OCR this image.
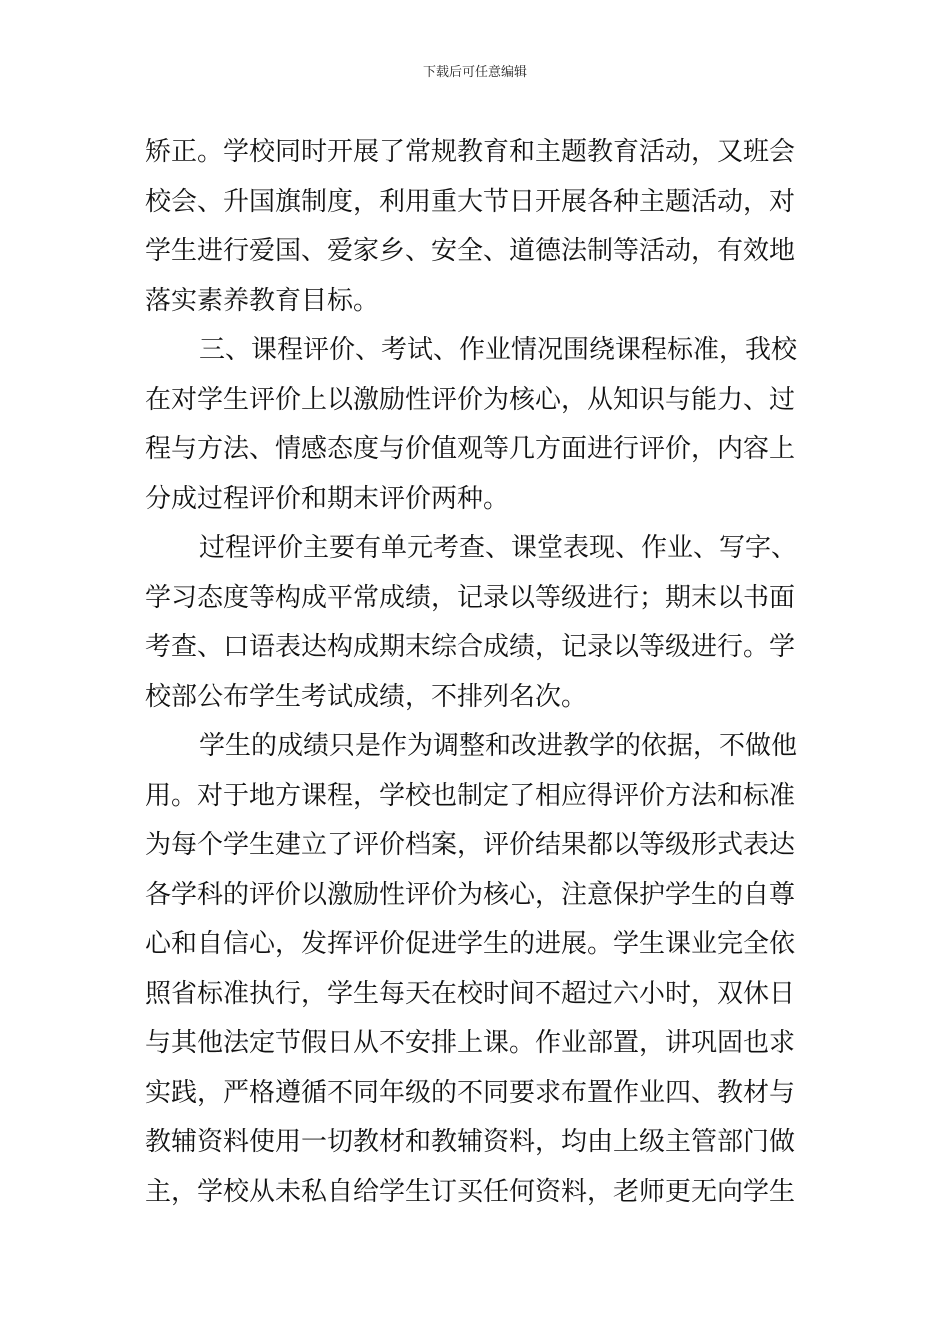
下载后可任意编辑
矫正。学校同时开展了常规教育和主题教育活动，又班会
校会、升国旗制度，利用重大节日开展各种主题活动，对
学生进行爱国、爱家乡、安全、道德法制等活动，有效地
落实素养教育目标。
三、课程评价、考试、作业情况围绕课程标准，我校
在对学生评价上以激励性评价为核心，从知识与能力、过
程与方法、情感态度与价值观等几方面进行评价，内容上
分成过程评价和期末评价两种。
过程评价主要有单元考查、课堂表现、作业、写字、
学习态度等构成平常成绩，记录以等级进行；期末以书面
考查、口语表达构成期末综合成绩，记录以等级进行。学
校部公布学生考试成绩，不排列名次。
学生的成绩只是作为调整和改进教学的依据，不做他
用。对于地方课程，学校也制定了相应得评价方法和标准
为每个学生建立了评价档案，评价结果都以等级形式表达
各学科的评价以激励性评价为核心，注意保护学生的自尊
心和自信心，发挥评价促进学生的进展。学生课业完全依
照省标准执行，学生每天在校时间不超过六小时，双休日
与其他法定节假日从不安排上课。作业部置，讲巩固也求
实践，严格遵循不同年级的不同要求布置作业四、教材与
教辅资料使用一切教材和教辅资料，均由上级主管部门做
主，学校从未私自给学生订买任何资料，老师更无向学生
